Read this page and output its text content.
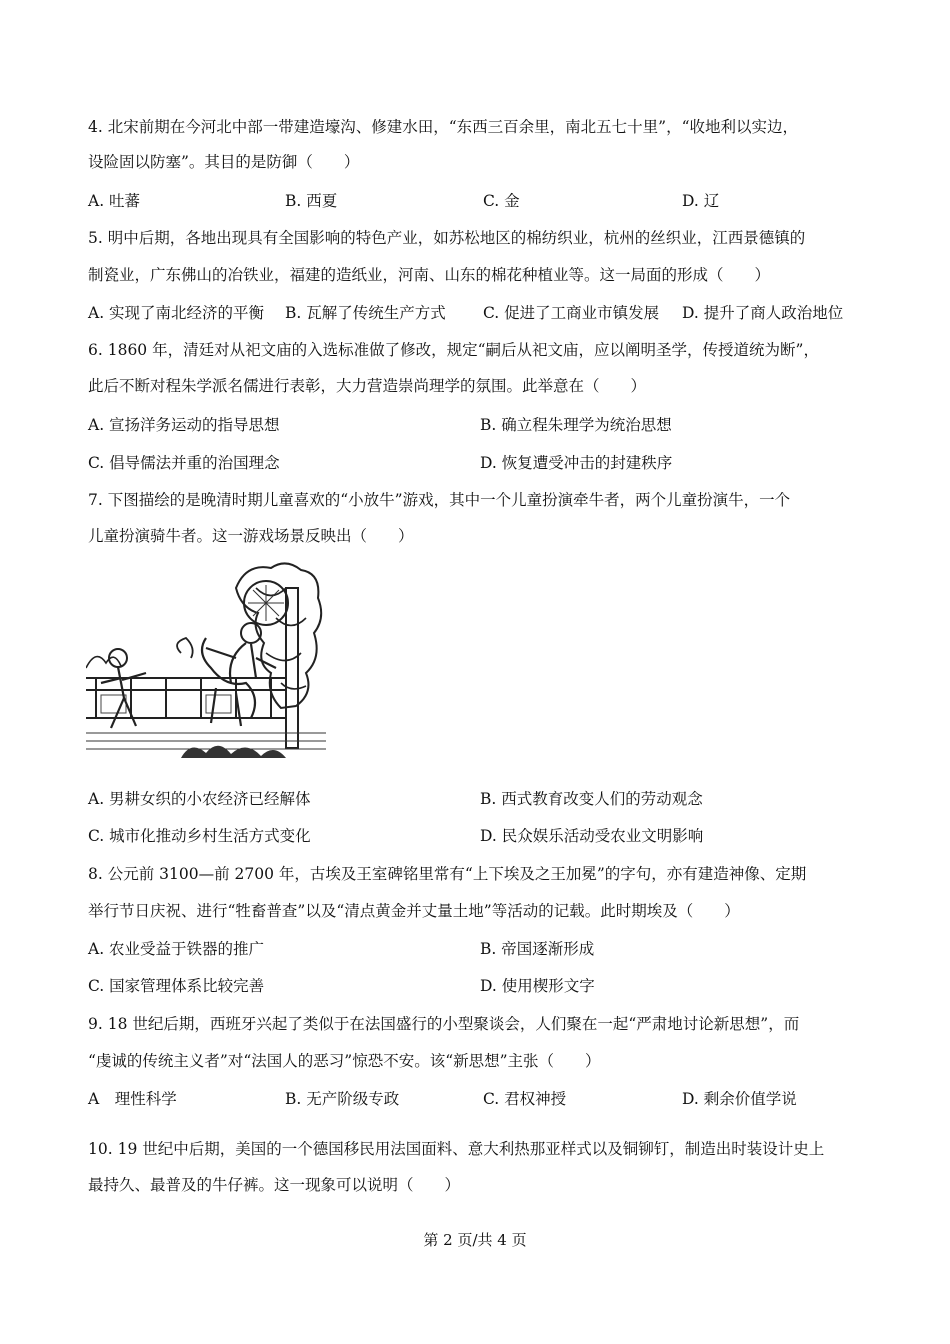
4. 北宋前期在今河北中部一带建造壕沟、修建水田，“东西三百余里，南北五七十里”，“收地利以实边，
设险固以防塞”。其目的是防御（　　）
A. 吐蕃	B. 西夏	C. 金	D. 辽
5. 明中后期，各地出现具有全国影响的特色产业，如苏松地区的棉纺织业，杭州的丝织业，江西景德镇的
制瓷业，广东佛山的冶铁业，福建的造纸业，河南、山东的棉花种植业等。这一局面的形成（　　）
A. 实现了南北经济的平衡 B. 瓦解了传统生产方式 C. 促进了工商业市镇发展 D. 提升了商人政治地位
6. 1860 年，清廷对从祀文庙的入选标准做了修改，规定“嗣后从祀文庙，应以阐明圣学，传授道统为断”，
此后不断对程朱学派名儒进行表彰，大力营造崇尚理学的氛围。此举意在（　　）
A. 宣扬洋务运动的指导思想	B. 确立程朱理学为统治思想
C. 倡导儒法并重的治国理念	D. 恢复遭受冲击的封建秩序
7. 下图描绘的是晚清时期儿童喜欢的“小放牛”游戏，其中一个儿童扮演牵牛者，两个儿童扮演牛，一个
儿童扮演骑牛者。这一游戏场景反映出（　　）
A. 男耕女织的小农经济已经解体	B. 西式教育改变人们的劳动观念
C. 城市化推动乡村生活方式变化	D. 民众娱乐活动受农业文明影响
8. 公元前 3100—前 2700 年，古埃及王室碑铭里常有“上下埃及之王加冕”的字句，亦有建造神像、定期
举行节日庆祝、进行“牲畜普查”以及“清点黄金并丈量土地”等活动的记载。此时期埃及（　　）
A. 农业受益于铁器的推广	B. 帝国逐渐形成
C. 国家管理体系比较完善	D. 使用楔形文字
9. 18 世纪后期，西班牙兴起了类似于在法国盛行的小型聚谈会，人们聚在一起“严肃地讨论新思想”，而
“虔诚的传统主义者”对“法国人的恶习”惊恐不安。该“新思想”主张（　　）
A　理性科学	B. 无产阶级专政	C. 君权神授	D. 剩余价值学说
10. 19 世纪中后期，美国的一个德国移民用法国面料、意大利热那亚样式以及铜铆钉，制造出时装设计史上
最持久、最普及的牛仔裤。这一现象可以说明（　　）
第 2 页/共 4 页
